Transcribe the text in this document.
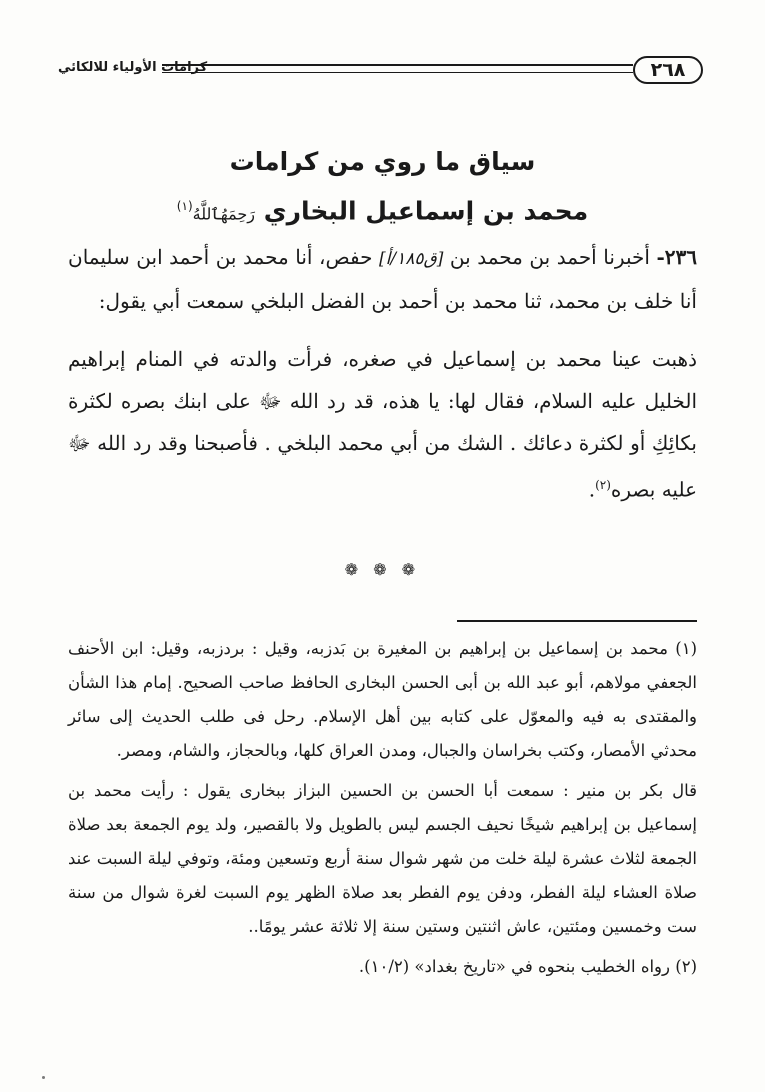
٢٦٨
كرامات الأولياء للالكائي
سياق ما روي من كرامات
محمد بن إسماعيل البخاري رَحِمَهُٱللَّهُ$^{(١)}$

٢٣٦- أخبرنا أحمد بن محمد بن [ق١٨٥/أ] حفص، أنا محمد بن أحمد ابن سليمان أنا خلف بن محمد، ثنا محمد بن أحمد بن الفضل البلخي سمعت أبي يقول:

ذهبت عينا محمد بن إسماعيل في صغره، فرأت والدته في المنام إبراهيم الخليل عليه السلام، فقال لها: يا هذه، قد رد الله ﷻ على ابنك بصره لكثرة بكائِكِ أو لكثرة دعائك . الشك من أبي محمد البلخي . فأصبحنا وقد رد الله ﷻ عليه بصره$^{(٢)}$.

❁ ❁ ❁

(١) محمد بن إسماعيل بن إبراهيم بن المغيرة بن بَدزبه، وقيل : بردزبه، وقيل: ابن الأحنف الجعفي مولاهم، أبو عبد الله بن أبى الحسن البخارى الحافظ صاحب الصحيح. إمام هذا الشأن والمقتدى به فيه والمعوّل على كتابه بين أهل الإسلام. رحل فى طلب الحديث إلى سائر محدثي الأمصار، وكتب بخراسان والجبال، ومدن العراق كلها، وبالحجاز، والشام، ومصر.

قال بكر بن منير : سمعت أبا الحسن بن الحسين البزاز ببخارى يقول : رأيت محمد بن إسماعيل بن إبراهيم شيخًا نحيف الجسم ليس بالطويل ولا بالقصير، ولد يوم الجمعة بعد صلاة الجمعة لثلاث عشرة ليلة خلت من شهر شوال سنة أربع وتسعين ومئة، وتوفي ليلة السبت عند صلاة العشاء ليلة الفطر، ودفن يوم الفطر بعد صلاة الظهر يوم السبت لغرة شوال من سنة ست وخمسين ومئتين، عاش اثنتين وستين سنة إلا ثلاثة عشر يومًا..

(٢) رواه الخطيب بنحوه في «تاريخ بغداد» (١٠/٢).
